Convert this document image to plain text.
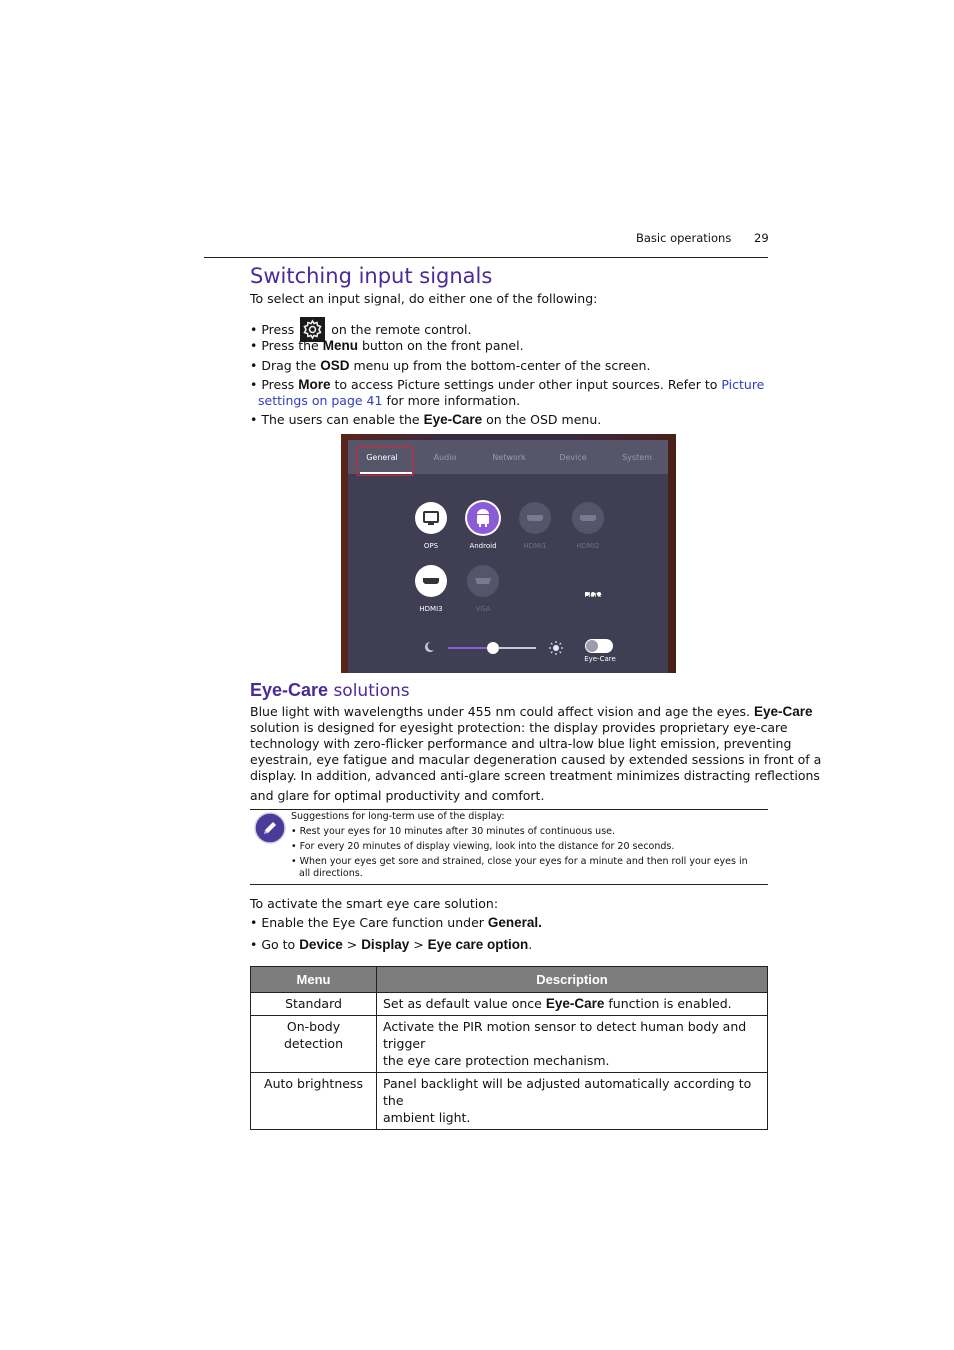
Basic operations 29
Switching input signals
To select an input signal, do either one of the following:
• Press	on the remote control.
• Press the Menu button on the front panel.
• Drag the OSD menu up from the bottom-center of the screen.
• Press More to access Picture settings under other input sources. Refer to Picture
settings on page 41 for more information.
• The users can enable the Eye-Care on the OSD menu.
General	Audio	Network	Device	System
OPS	Android	HDMI1	HDMI2
HDMI3	VGA
More
Eye-Care
Eye-Care solutions
Blue light with wavelengths under 455 nm could affect vision and age the eyes. Eye-Care
solution is designed for eyesight protection: the display provides proprietary eye-care
technology with zero-flicker performance and ultra-low blue light emission, preventing
eyestrain, eye fatigue and macular degeneration caused by extended sessions in front of a
display. In addition, advanced anti-glare screen treatment minimizes distracting reflections
and glare for optimal productivity and comfort.
Suggestions for long-term use of the display:
• Rest your eyes for 10 minutes after 30 minutes of continuous use.
• For every 20 minutes of display viewing, look into the distance for 20 seconds.
• When your eyes get sore and strained, close your eyes for a minute and then roll your eyes in
all directions.
To activate the smart eye care solution:
• Enable the Eye Care function under General.
• Go to Device > Display > Eye care option.
Menu	Description
Standard	Set as default value once Eye-Care function is enabled.
On-body detection	Activate the PIR motion sensor to detect human body and trigger
the eye care protection mechanism.
Auto brightness	Panel backlight will be adjusted automatically according to the
ambient light.
